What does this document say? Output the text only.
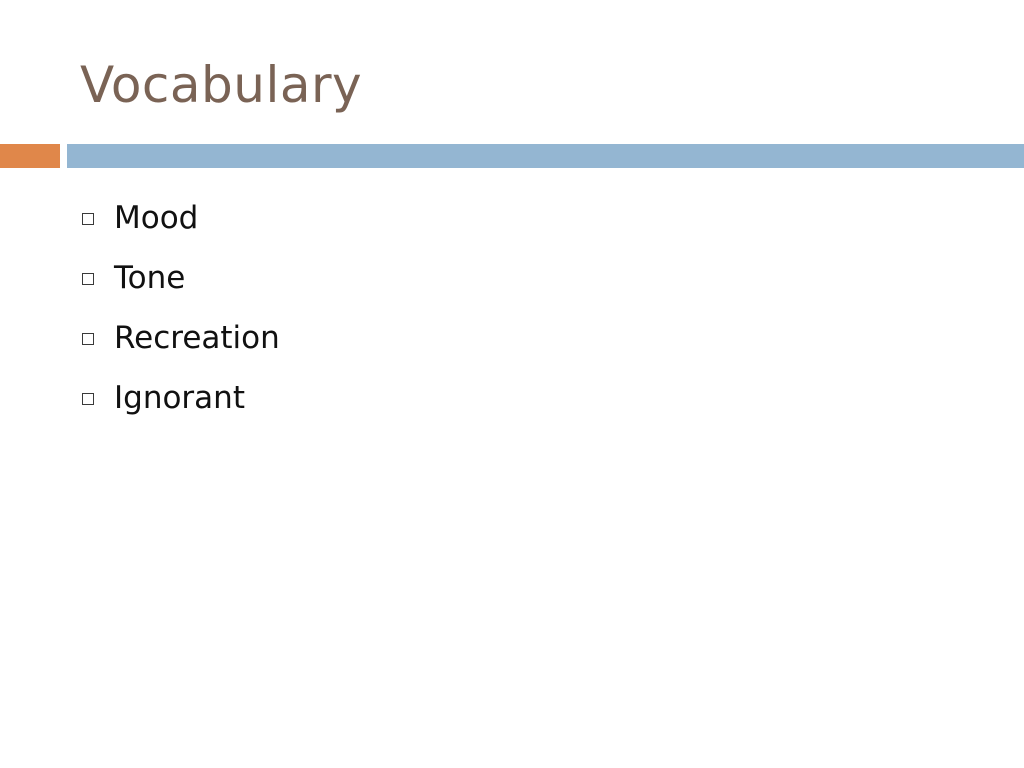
Vocabulary
Mood
Tone
Recreation
Ignorant
